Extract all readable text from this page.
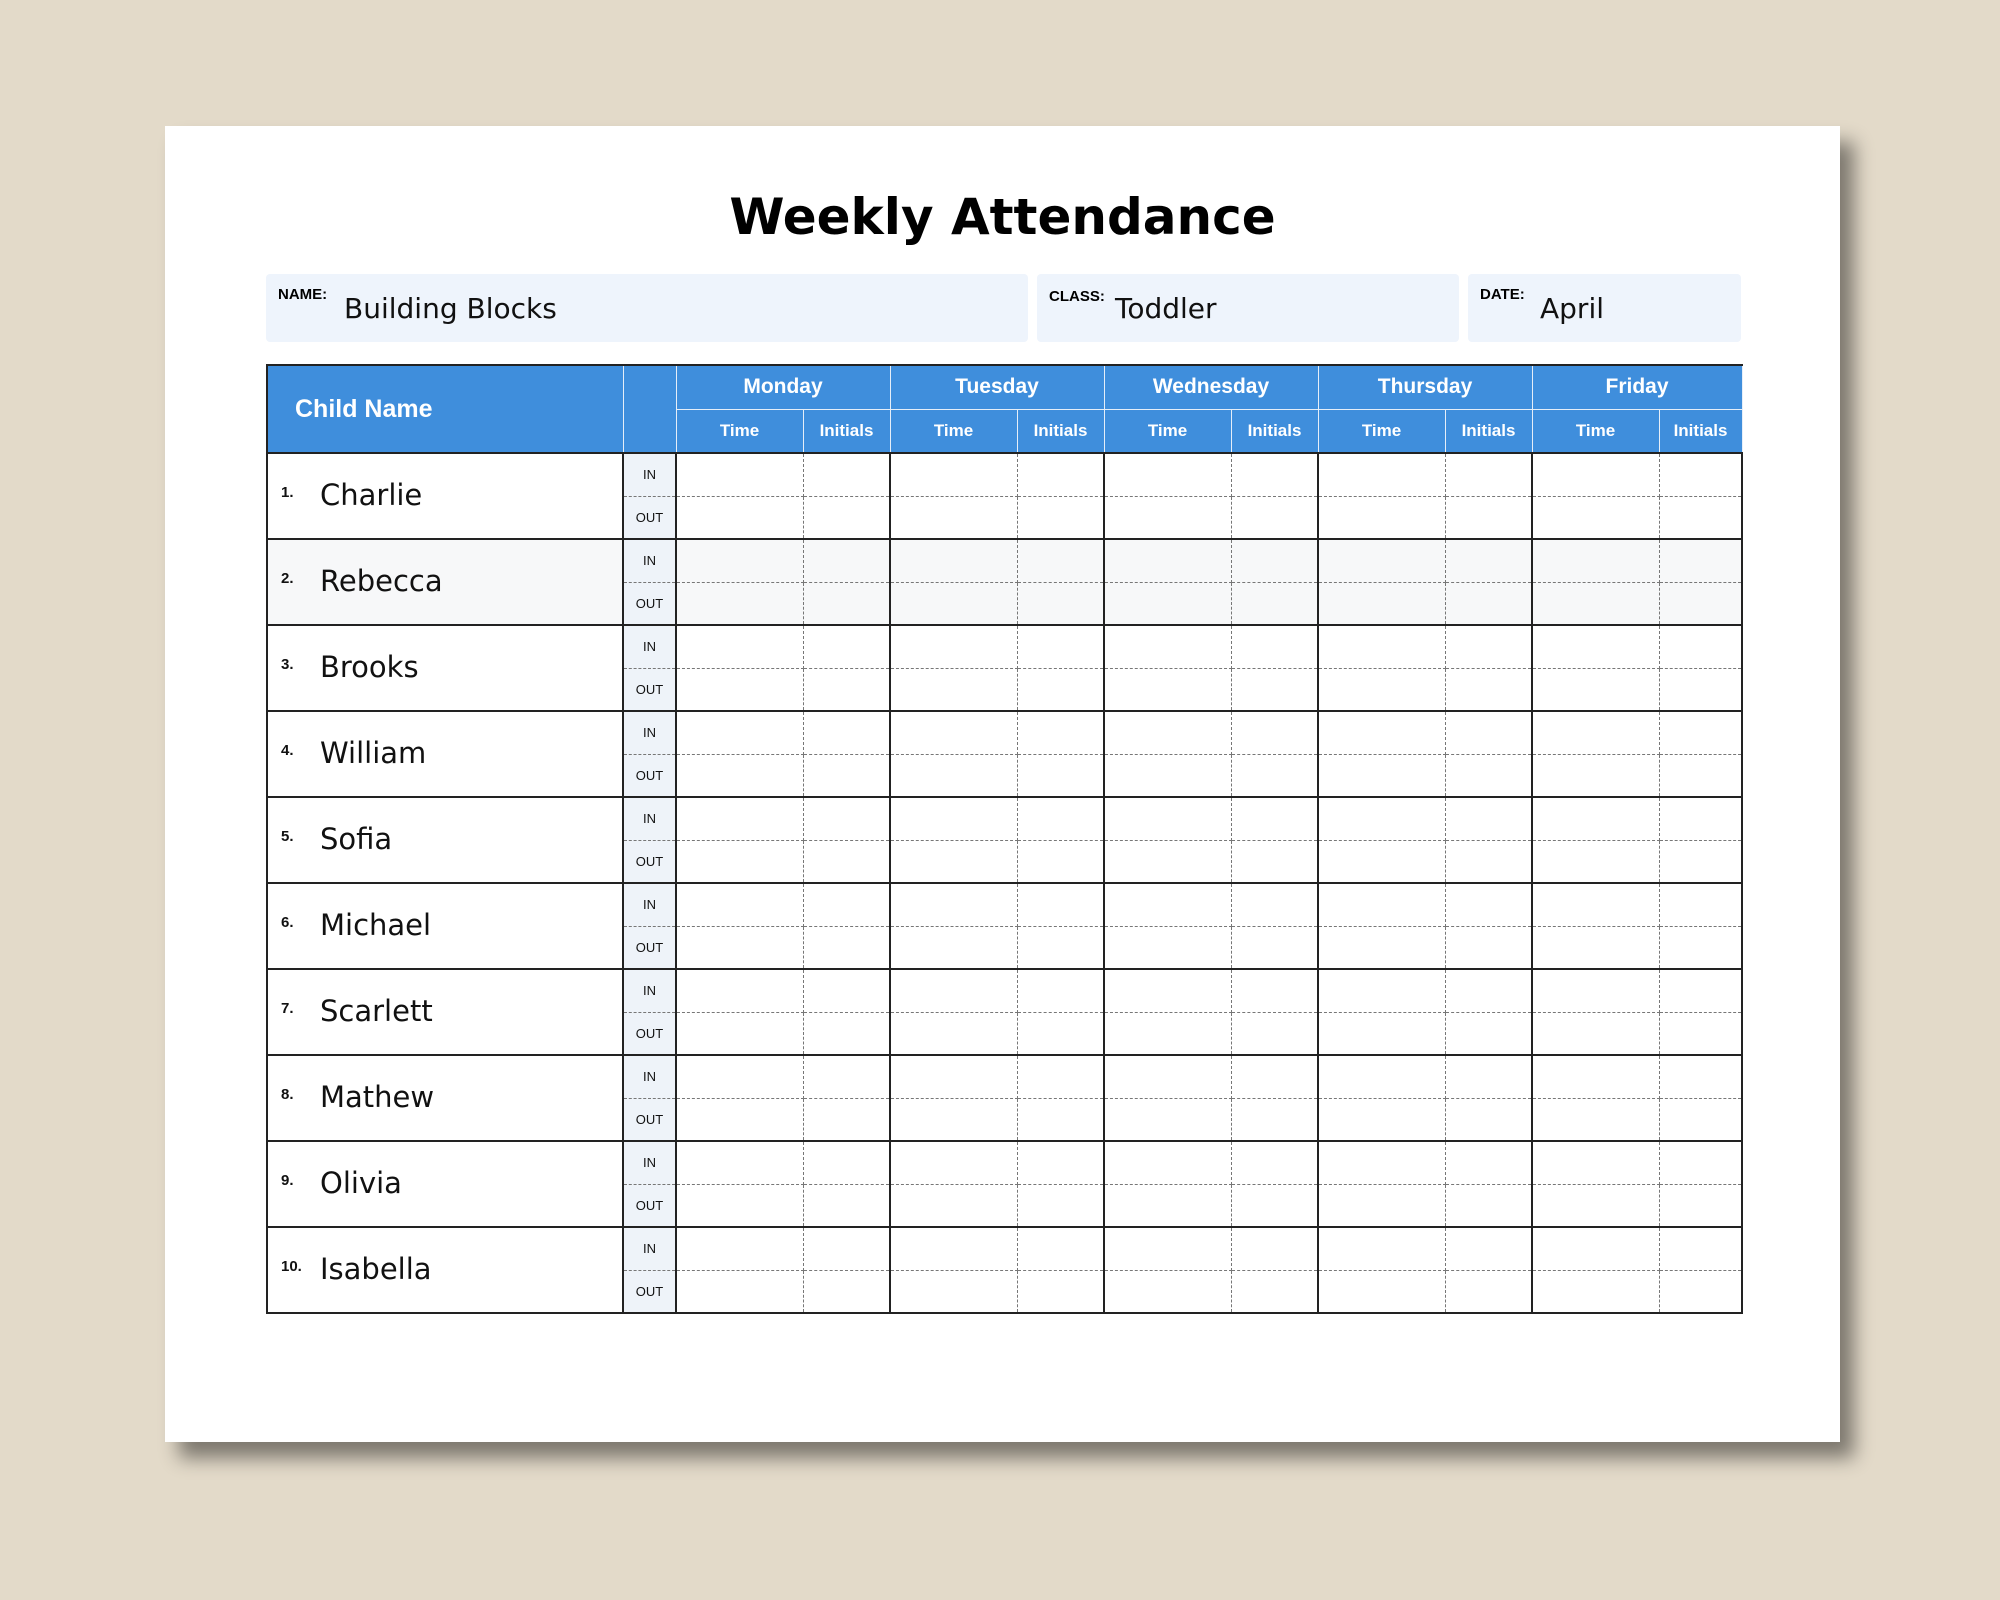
Weekly Attendance
NAME: Building Blocks	CLASS: Toddler	DATE: April
Child Name		Monday		Tuesday		Wednesday		Thursday		Friday	
		Time	Initials	Time	Initials	Time	Initials	Time	Initials	Time	Initials

1. Charlie	IN										
	OUT										

2. Rebecca	IN										
	OUT										

3. Brooks	IN										
	OUT										

4. William	IN										
	OUT										

5. Sofia	IN										
	OUT										

6. Michael	IN										
	OUT										

7. Scarlett	IN										
	OUT										

8. Mathew	IN										
	OUT										

9. Olivia	IN										
	OUT										

10. Isabella	IN										
	OUT										
